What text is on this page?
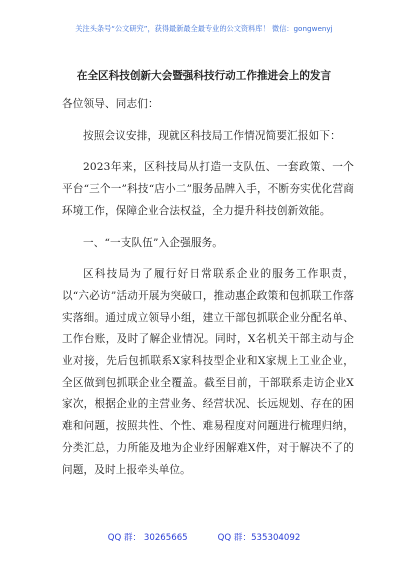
关注头条号“公文研究”，获得最新最全最专业的公文资料库！ 微信：gongwenyj
在全区科技创新大会暨强科技行动工作推进会上的发言

各位领导、同志们：

按照会议安排，现就区科技局工作情况简要汇报如下：

2023年来，区科技局从打造一支队伍、一套政策、一个平台“三个一”科技“店小二”服务品牌入手，不断夯实优化营商环境工作，保障企业合法权益，全力提升科技创新效能。

一、“一支队伍”入企强服务。

区科技局为了履行好日常联系企业的服务工作职责，以“六必访”活动开展为突破口，推动惠企政策和包抓联工作落实落细。通过成立领导小组，建立干部包抓联企业分配名单、工作台账，及时了解企业情况。同时，X名机关干部主动与企业对接，先后包抓联系X家科技型企业和X家规上工业企业，全区做到包抓联企业全覆盖。截至目前，干部联系走访企业X家次，根据企业的主营业务、经营状况、长远规划、存在的困难和问题，按照共性、个性、难易程度对问题进行梳理归纳，分类汇总，力所能及地为企业纾困解难X件，对于解决不了的问题，及时上报牵头单位。

QQ 群： 30265665	QQ 群：535304092
